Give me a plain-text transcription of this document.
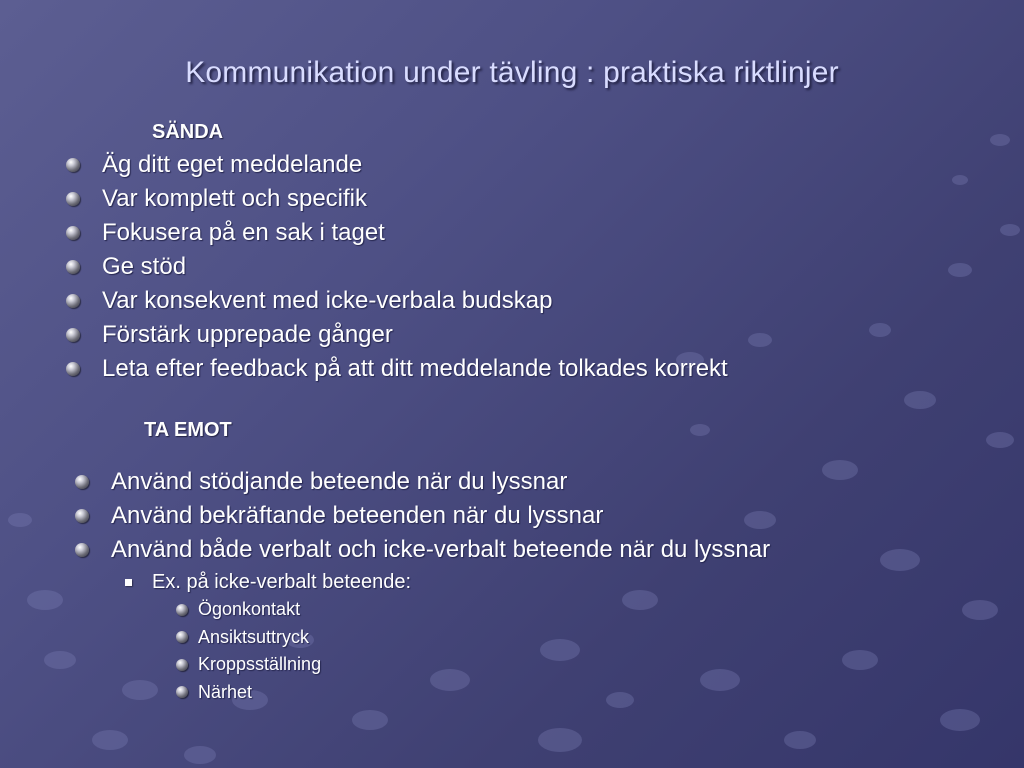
Kommunikation under tävling : praktiska riktlinjer
SÄNDA
Äg ditt eget meddelande
Var komplett och specifik
Fokusera på en sak i taget
Ge stöd
Var konsekvent med icke-verbala budskap
Förstärk upprepade gånger
Leta efter feedback på att ditt meddelande tolkades korrekt
TA EMOT
Använd stödjande beteende när du lyssnar
Använd bekräftande beteenden när du lyssnar
Använd både verbalt och icke-verbalt beteende när du lyssnar
Ex. på icke-verbalt beteende:
Ögonkontakt
Ansiktsuttryck
Kroppsställning
Närhet
